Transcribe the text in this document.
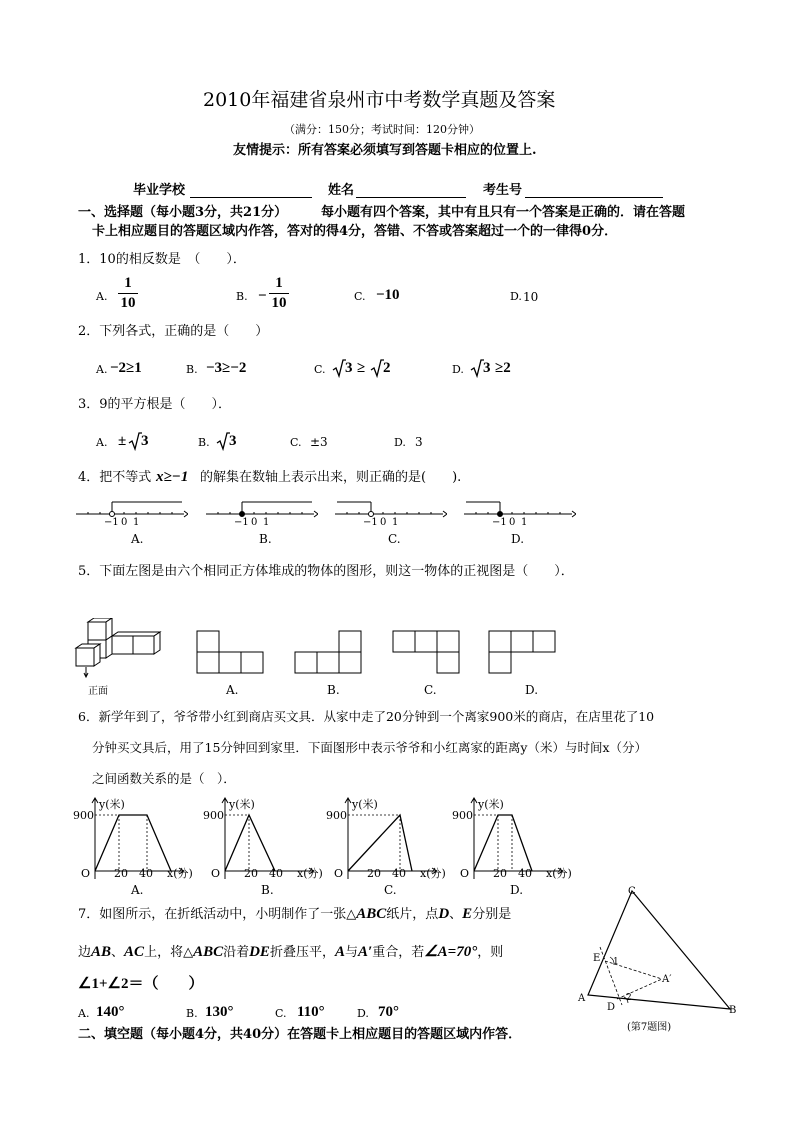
2010年福建省泉州市中考数学真题及答案
（满分：150分；考试时间：120分钟）
友情提示：所有答案必须填写到答题卡相应的位置上.
毕业学校	姓名	考生号
一、选择题（每小题3分，共21分）	每小题有四个答案，其中有且只有一个答案是正确的．请在答题
卡上相应题目的答题区域内作答，答对的得4分，答错、不答或答案超过一个的一律得0分．
1．10的相反数是　（　　）．
A.
1
10	B. −
1
10	C. −10	D. 10
2．下列各式，正确的是（　　）
A. −2≥1	B. −3≥−2	C. 3 ≥ 2	D. 3 ≥2
3．9的平方根是（　　）．
A. ± 3	B. 3	C. ±3	D. 3
4．把不等式 x≥−1 的解集在数轴上表示出来，则正确的是(　　).
−1 0 1
A.
−1 0 1
B.
−1 0 1
C.
−1 0 1
D.
5．下面左图是由六个相同正方体堆成的物体的图形，则这一物体的正视图是（　　）．
正面	A.	B.	C.	D.
6．新学年到了，爷爷带小红到商店买文具．从家中走了20分钟到一个离家900米的商店，在店里花了10
分钟买文具后，用了15分钟回到家里．下面图形中表示爷爷和小红离家的距离y（米）与时间x（分）
之间函数关系的是（　）．
y(米)
900
O 20 40 x(分)
A.
y(米)
900
O 20 40 x(分)
B.
y(米)
900
O 20 40 x(分)
C.
y(米)
900
O 20 40 x(分)
D.
7．如图所示，在折纸活动中，小明制作了一张△ABC纸片，点D、E分别是
边AB、AC上，将△ABC沿着DE折叠压平，A与A′重合，若∠A=70°，则
∠1+∠2＝（　　）
A. 140°	B. 130°	C. 110°	D. 70°
C
B
A
E
D
A′
1
2
(第7题图)
二、填空题（每小题4分，共40分）在答题卡上相应题目的答题区域内作答．
